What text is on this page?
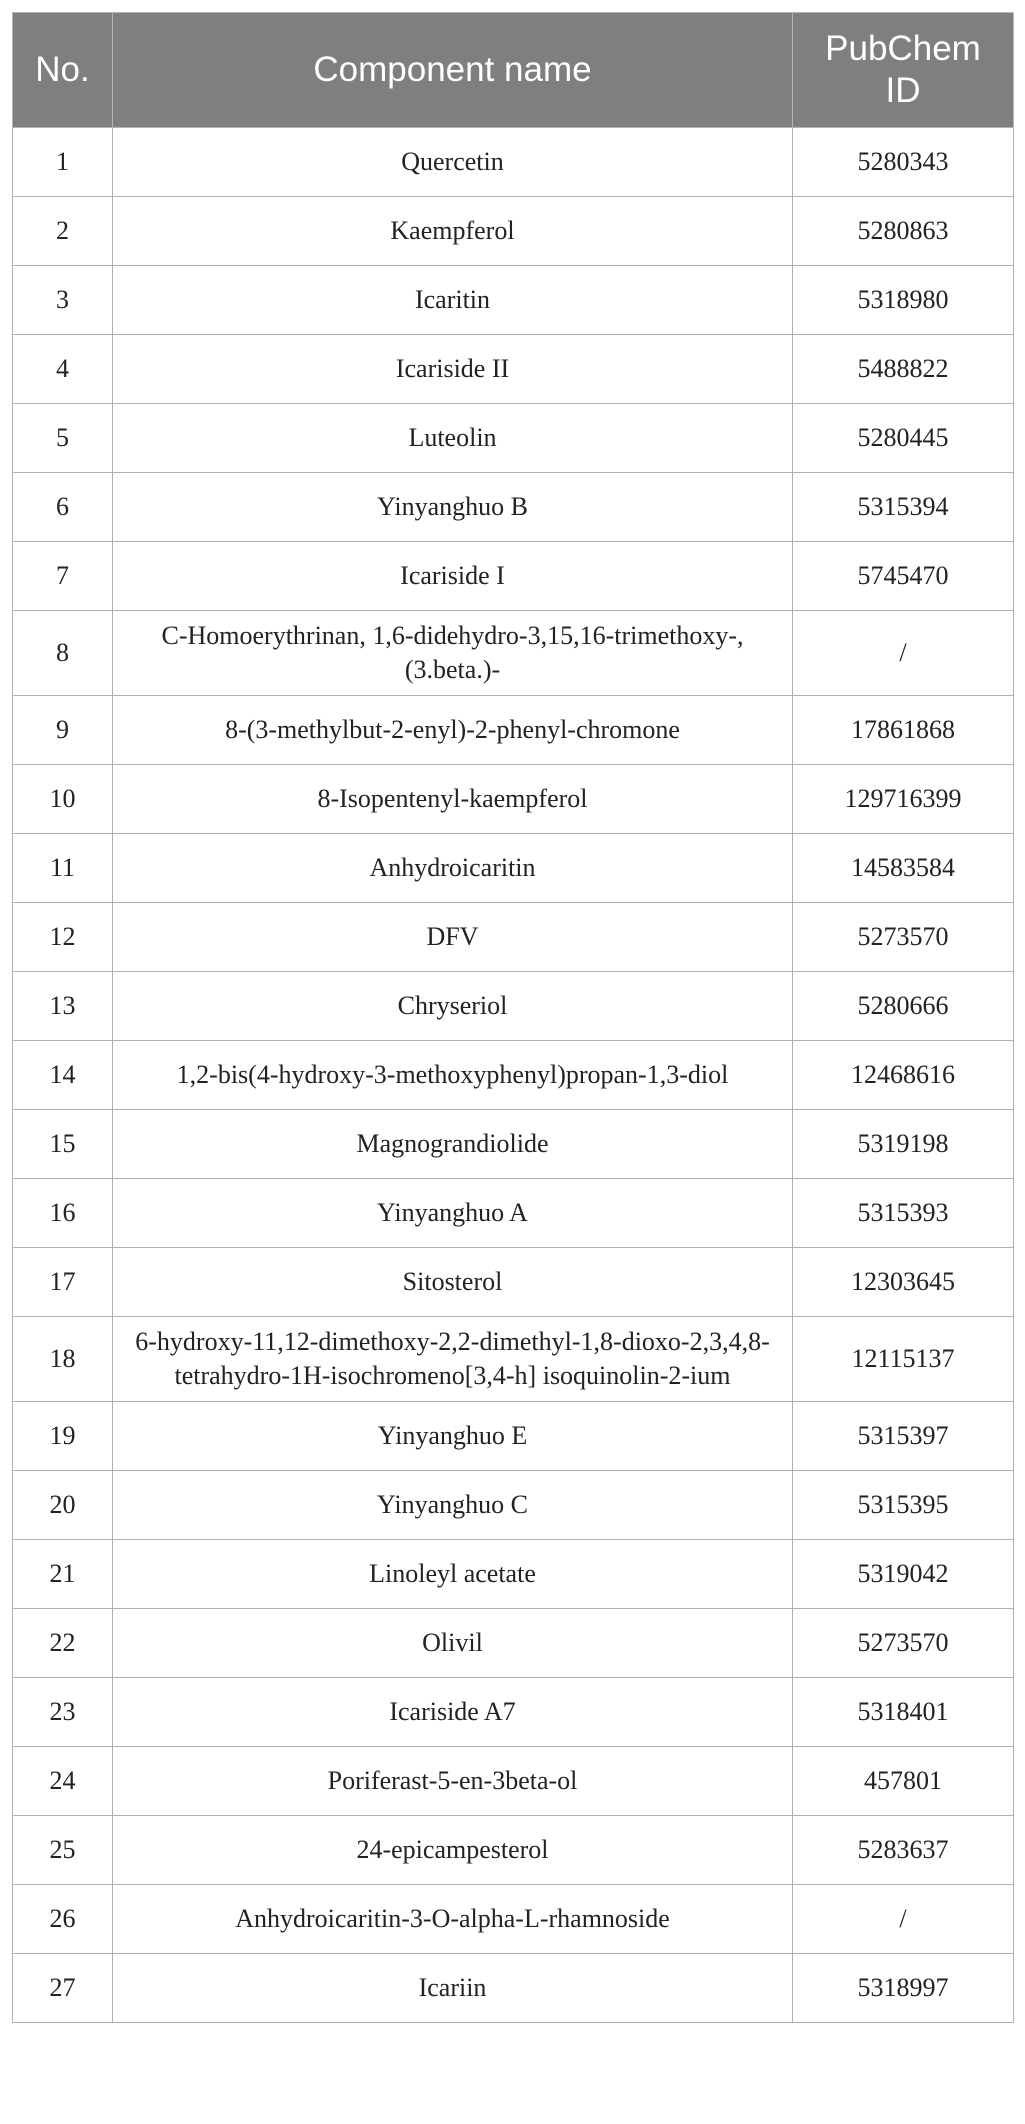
No.	Component name	PubChem ID
1	Quercetin	5280343
2	Kaempferol	5280863
3	Icaritin	5318980
4	Icariside II	5488822
5	Luteolin	5280445
6	Yinyanghuo B	5315394
7	Icariside I	5745470
8	C-Homoerythrinan, 1,6-didehydro-3,15,16-trimethoxy-, (3.beta.)-	/
9	8-(3-methylbut-2-enyl)-2-phenyl-chromone	17861868
10	8-Isopentenyl-kaempferol	129716399
11	Anhydroicaritin	14583584
12	DFV	5273570
13	Chryseriol	5280666
14	1,2-bis(4-hydroxy-3-methoxyphenyl)propan-1,3-diol	12468616
15	Magnograndiolide	5319198
16	Yinyanghuo A	5315393
17	Sitosterol	12303645
18	6-hydroxy-11,12-dimethoxy-2,2-dimethyl-1,8-dioxo-2,3,4,8-tetrahydro-1H-isochromeno[3,4-h] isoquinolin-2-ium	12115137
19	Yinyanghuo E	5315397
20	Yinyanghuo C	5315395
21	Linoleyl acetate	5319042
22	Olivil	5273570
23	Icariside A7	5318401
24	Poriferast-5-en-3beta-ol	457801
25	24-epicampesterol	5283637
26	Anhydroicaritin-3-O-alpha-L-rhamnoside	/
27	Icariin	5318997
